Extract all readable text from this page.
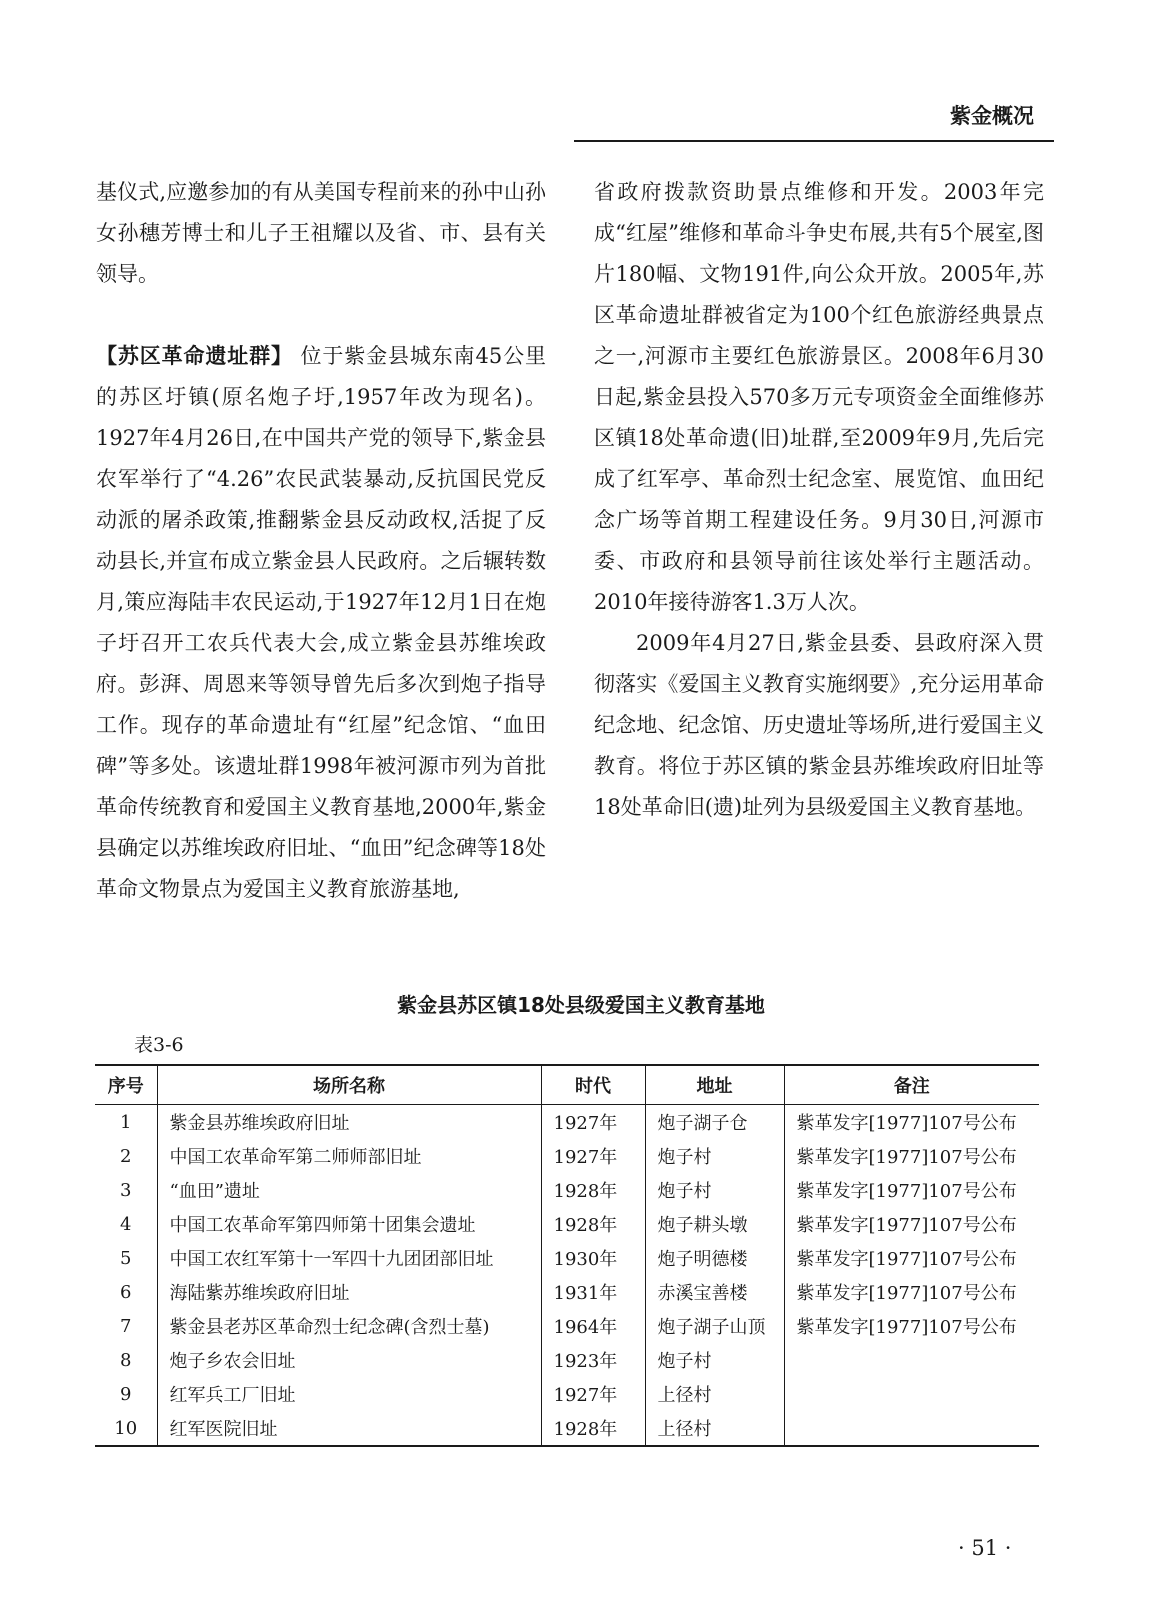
紫金概况

基仪式,应邀参加的有从美国专程前来的孙中山孙女孙穗芳博士和儿子王祖耀以及省、市、县有关领导。

【苏区革命遗址群】 位于紫金县城东南45公里的苏区圩镇(原名炮子圩,1957年改为现名)。1927年4月26日,在中国共产党的领导下,紫金县农军举行了“4.26”农民武装暴动,反抗国民党反动派的屠杀政策,推翻紫金县反动政权,活捉了反动县长,并宣布成立紫金县人民政府。之后辗转数月,策应海陆丰农民运动,于1927年12月1日在炮子圩召开工农兵代表大会,成立紫金县苏维埃政府。彭湃、周恩来等领导曾先后多次到炮子指导工作。现存的革命遗址有“红屋”纪念馆、“血田碑”等多处。该遗址群1998年被河源市列为首批革命传统教育和爱国主义教育基地,2000年,紫金县确定以苏维埃政府旧址、“血田”纪念碑等18处革命文物景点为爱国主义教育旅游基地,

省政府拨款资助景点维修和开发。2003年完成“红屋”维修和革命斗争史布展,共有5个展室,图片180幅、文物191件,向公众开放。2005年,苏区革命遗址群被省定为100个红色旅游经典景点之一,河源市主要红色旅游景区。2008年6月30日起,紫金县投入570多万元专项资金全面维修苏区镇18处革命遗(旧)址群,至2009年9月,先后完成了红军亭、革命烈士纪念室、展览馆、血田纪念广场等首期工程建设任务。9月30日,河源市委、市政府和县领导前往该处举行主题活动。2010年接待游客1.3万人次。

2009年4月27日,紫金县委、县政府深入贯彻落实《爱国主义教育实施纲要》,充分运用革命纪念地、纪念馆、历史遗址等场所,进行爱国主义教育。将位于苏区镇的紫金县苏维埃政府旧址等18处革命旧(遗)址列为县级爱国主义教育基地。

紫金县苏区镇18处县级爱国主义教育基地
表3-6
序号	场所名称	时代	地址	备注
1	紫金县苏维埃政府旧址	1927年	炮子湖子仓	紫革发字[1977]107号公布
2	中国工农革命军第二师师部旧址	1927年	炮子村	紫革发字[1977]107号公布
3	“血田”遗址	1928年	炮子村	紫革发字[1977]107号公布
4	中国工农革命军第四师第十团集会遗址	1928年	炮子耕头墩	紫革发字[1977]107号公布
5	中国工农红军第十一军四十九团团部旧址	1930年	炮子明德楼	紫革发字[1977]107号公布
6	海陆紫苏维埃政府旧址	1931年	赤溪宝善楼	紫革发字[1977]107号公布
7	紫金县老苏区革命烈士纪念碑(含烈士墓)	1964年	炮子湖子山顶	紫革发字[1977]107号公布
8	炮子乡农会旧址	1923年	炮子村	
9	红军兵工厂旧址	1927年	上径村	
10	红军医院旧址	1928年	上径村	
· 51 ·
